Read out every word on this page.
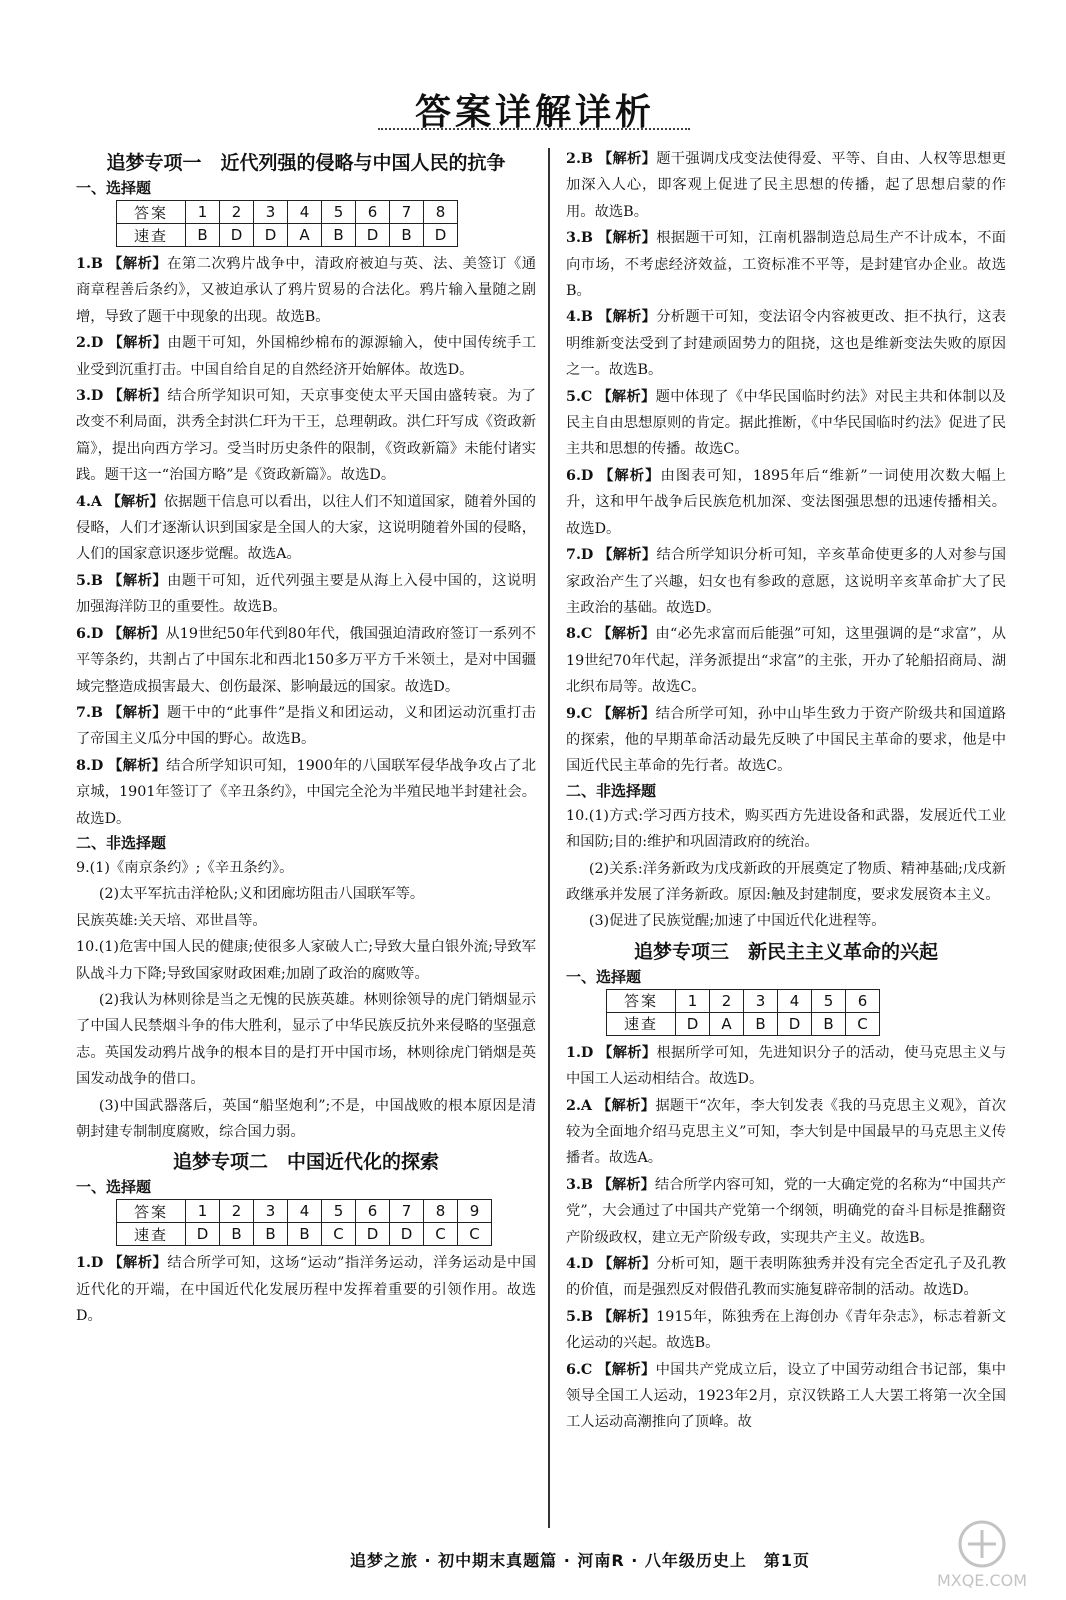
答案详解详析
追梦专项一　近代列强的侵略与中国人民的抗争
一、选择题
答案	1	2	3	4	5	6	7	8
速查	B	D	D	A	B	D	B	D

1.B 【解析】在第二次鸦片战争中，清政府被迫与英、法、美签订《通商章程善后条约》，又被迫承认了鸦片贸易的合法化。鸦片输入量随之剧增，导致了题干中现象的出现。故选B。

2.D 【解析】由题干可知，外国棉纱棉布的源源输入，使中国传统手工业受到沉重打击。中国自给自足的自然经济开始解体。故选D。

3.D 【解析】结合所学知识可知，天京事变使太平天国由盛转衰。为了改变不利局面，洪秀全封洪仁玕为干王，总理朝政。洪仁玕写成《资政新篇》，提出向西方学习。受当时历史条件的限制，《资政新篇》未能付诸实践。题干这一“治国方略”是《资政新篇》。故选D。

4.A 【解析】依据题干信息可以看出，以往人们不知道国家，随着外国的侵略，人们才逐渐认识到国家是全国人的大家，这说明随着外国的侵略，人们的国家意识逐步觉醒。故选A。

5.B 【解析】由题干可知，近代列强主要是从海上入侵中国的，这说明加强海洋防卫的重要性。故选B。

6.D 【解析】从19世纪50年代到80年代，俄国强迫清政府签订一系列不平等条约，共割占了中国东北和西北150多万平方千米领土，是对中国疆域完整造成损害最大、创伤最深、影响最远的国家。故选D。

7.B 【解析】题干中的“此事件”是指义和团运动，义和团运动沉重打击了帝国主义瓜分中国的野心。故选B。

8.D 【解析】结合所学知识可知，1900年的八国联军侵华战争攻占了北京城，1901年签订了《辛丑条约》，中国完全沦为半殖民地半封建社会。故选D。

二、非选择题

9.(1)《南京条约》;《辛丑条约》。

(2)太平军抗击洋枪队;义和团廊坊阻击八国联军等。

民族英雄:关天培、邓世昌等。

10.(1)危害中国人民的健康;使很多人家破人亡;导致大量白银外流;导致军队战斗力下降;导致国家财政困难;加剧了政治的腐败等。

(2)我认为林则徐是当之无愧的民族英雄。林则徐领导的虎门销烟显示了中国人民禁烟斗争的伟大胜利，显示了中华民族反抗外来侵略的坚强意志。英国发动鸦片战争的根本目的是打开中国市场，林则徐虎门销烟是英国发动战争的借口。

(3)中国武器落后，英国“船坚炮利”;不是，中国战败的根本原因是清朝封建专制制度腐败，综合国力弱。

追梦专项二　中国近代化的探索
一、选择题
答案	1	2	3	4	5	6	7	8	9
速查	D	B	B	B	C	D	D	C	C

1.D 【解析】结合所学可知，这场“运动”指洋务运动，洋务运动是中国近代化的开端，在中国近代化发展历程中发挥着重要的引领作用。故选D。

2.B 【解析】题干强调戊戌变法使得爱、平等、自由、人权等思想更加深入人心，即客观上促进了民主思想的传播，起了思想启蒙的作用。故选B。

3.B 【解析】根据题干可知，江南机器制造总局生产不计成本，不面向市场，不考虑经济效益，工资标准不平等，是封建官办企业。故选B。

4.B 【解析】分析题干可知，变法诏令内容被更改、拒不执行，这表明维新变法受到了封建顽固势力的阻挠，这也是维新变法失败的原因之一。故选B。

5.C 【解析】题中体现了《中华民国临时约法》对民主共和体制以及民主自由思想原则的肯定。据此推断，《中华民国临时约法》促进了民主共和思想的传播。故选C。

6.D 【解析】由图表可知，1895年后“维新”一词使用次数大幅上升，这和甲午战争后民族危机加深、变法图强思想的迅速传播相关。故选D。

7.D 【解析】结合所学知识分析可知，辛亥革命使更多的人对参与国家政治产生了兴趣，妇女也有参政的意愿，这说明辛亥革命扩大了民主政治的基础。故选D。

8.C 【解析】由“必先求富而后能强”可知，这里强调的是“求富”，从19世纪70年代起，洋务派提出“求富”的主张，开办了轮船招商局、湖北织布局等。故选C。

9.C 【解析】结合所学可知，孙中山毕生致力于资产阶级共和国道路的探索，他的早期革命活动最先反映了中国民主革命的要求，他是中国近代民主革命的先行者。故选C。

二、非选择题

10.(1)方式:学习西方技术，购买西方先进设备和武器，发展近代工业和国防;目的:维护和巩固清政府的统治。

(2)关系:洋务新政为戊戌新政的开展奠定了物质、精神基础;戊戌新政继承并发展了洋务新政。原因:触及封建制度，要求发展资本主义。

(3)促进了民族觉醒;加速了中国近代化进程等。

追梦专项三　新民主主义革命的兴起
一、选择题
答案	1	2	3	4	5	6
速查	D	A	B	D	B	C

1.D 【解析】根据所学可知，先进知识分子的活动，使马克思主义与中国工人运动相结合。故选D。

2.A 【解析】据题干“次年，李大钊发表《我的马克思主义观》，首次较为全面地介绍马克思主义”可知，李大钊是中国最早的马克思主义传播者。故选A。

3.B 【解析】结合所学内容可知，党的一大确定党的名称为“中国共产党”，大会通过了中国共产党第一个纲领，明确党的奋斗目标是推翻资产阶级政权，建立无产阶级专政，实现共产主义。故选B。

4.D 【解析】分析可知，题干表明陈独秀并没有完全否定孔子及孔教的价值，而是强烈反对假借孔教而实施复辟帝制的活动。故选D。

5.B 【解析】1915年，陈独秀在上海创办《青年杂志》，标志着新文化运动的兴起。故选B。

6.C 【解析】中国共产党成立后，设立了中国劳动组合书记部，集中领导全国工人运动，1923年2月，京汉铁路工人大罢工将第一次全国工人运动高潮推向了顶峰。故

追梦之旅 · 初中期末真题篇 · 河南R · 八年级历史上　第1页
MXQE.COM
